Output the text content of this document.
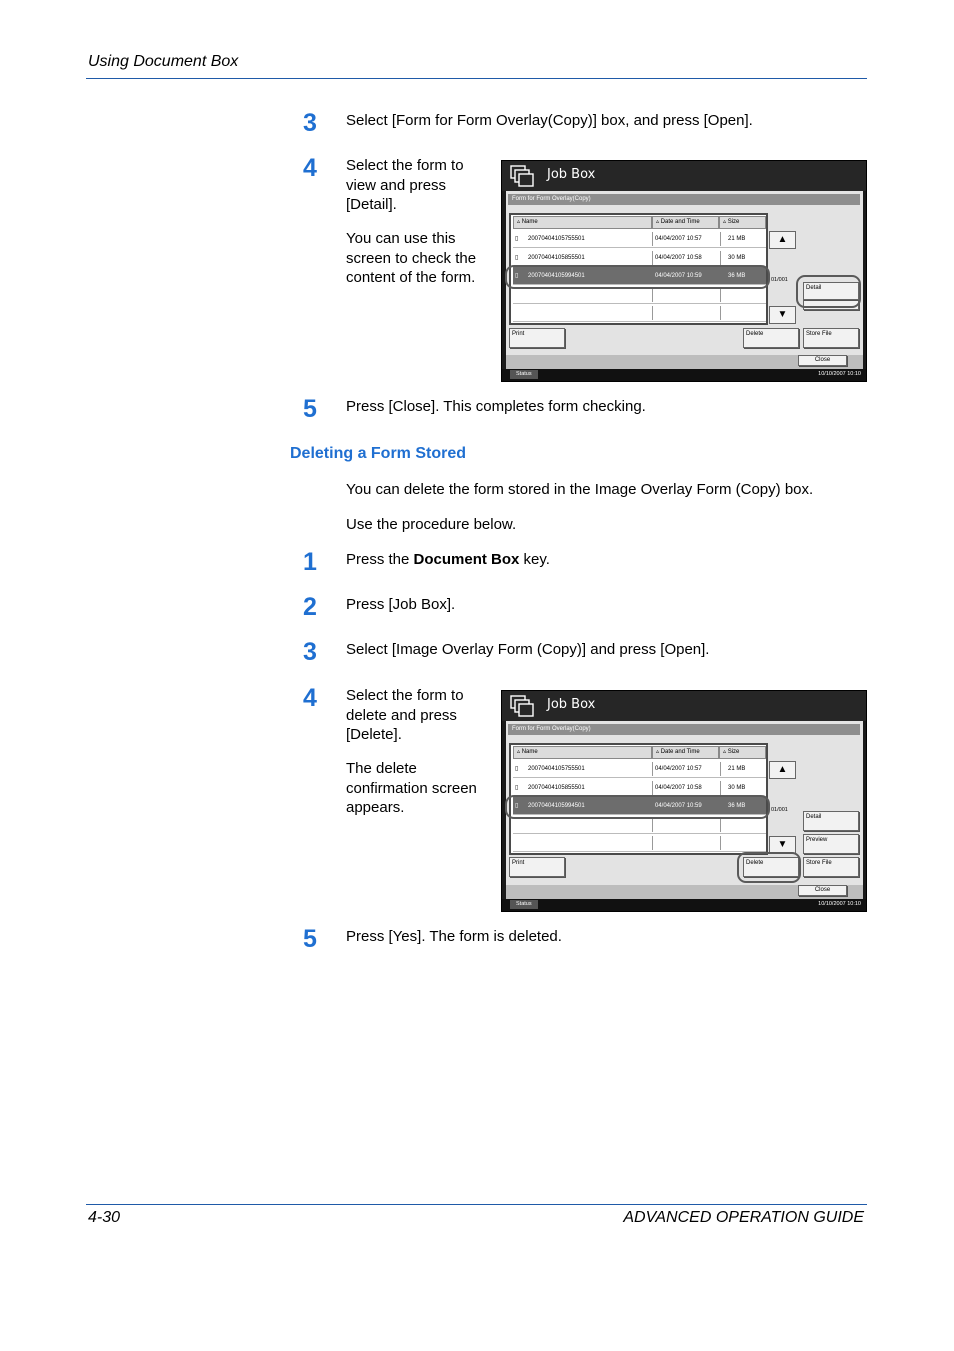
Using Document Box
3	Select [Form for Form Overlay(Copy)] box, and press [Open].
4	Select the form to
view and press
[Detail].
You can use this
screen to check the
content of the form.
Job Box
Form for Form Overlay(Copy)
▵ Name	▵ Date and Time	▵ Size
▯ 20070404105755501	04/04/2007 10:57	21 MB
▯ 20070404105855501	04/04/2007 10:58	30 MB
▯ 20070404105994501	04/04/2007 10:59	36 MB
▲
01/001
▼
Detail
Print	Delete	Store File
Close
Status	10/10/2007 10:10
5	Press [Close]. This completes form checking.
Deleting a Form Stored
You can delete the form stored in the Image Overlay Form (Copy) box.
Use the procedure below.
1	Press the Document Box key.
2	Press [Job Box].
3	Select [Image Overlay Form (Copy)] and press [Open].
4	Select the form to
delete and press
[Delete].
The delete
confirmation screen
appears.
Job Box
Form for Form Overlay(Copy)
▵ Name	▵ Date and Time	▵ Size
▯ 20070404105755501	04/04/2007 10:57	21 MB
▯ 20070404105855501	04/04/2007 10:58	30 MB
▯ 20070404105994501	04/04/2007 10:59	36 MB
▲
01/001
▼
Detail
Preview
Print	Delete	Store File
Close
Status	10/10/2007 10:10
5	Press [Yes]. The form is deleted.
4-30	ADVANCED OPERATION GUIDE
